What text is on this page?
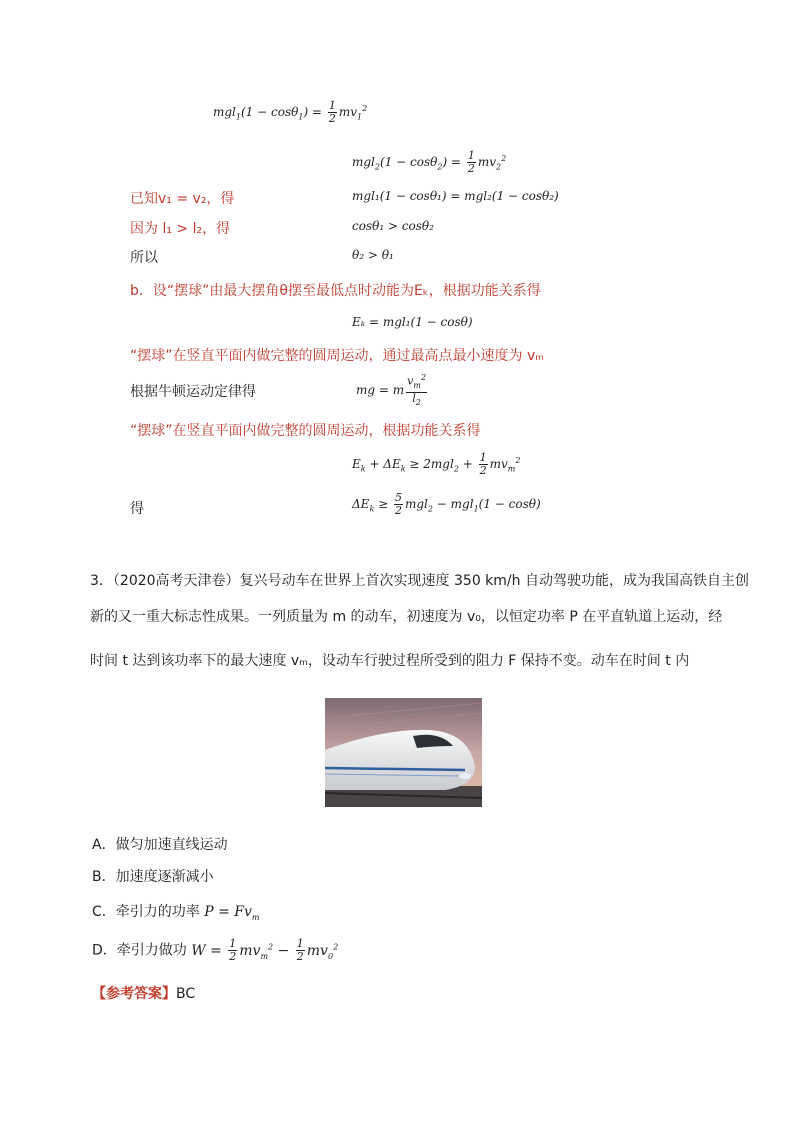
$mgl_1(1 - \cos\theta_1) = \frac{1}{2} mv_1^2$
$mgl_2(1 - \cos\theta_2) = \frac{1}{2} mv_2^2$
已知v₁ = v₂，得	mgl₁(1 − cosθ₁) = mgl₂(1 − cosθ₂)
因为 l₁ > l₂，得	cosθ₁ > cosθ₂
所以	θ₂ > θ₁
b．设“摆球”由最大摆角θ摆至最低点时动能为Eₖ，根据功能关系得
Eₖ = mgl₁(1 − cosθ)
“摆球”在竖直平面内做完整的圆周运动，通过最高点最小速度为 vₘ
根据牛顿运动定律得	mg = m $\frac{v_m^2}{l_2}$
“摆球”在竖直平面内做完整的圆周运动，根据功能关系得
$E_k + \Delta E_k \ge 2mgl_2 + \frac{1}{2} mv_m^2$
得	$\Delta E_k \ge \frac{5}{2} mgl_2 - mgl_1(1 - \cos\theta)$
3．（2020高考天津卷）复兴号动车在世界上首次实现速度 350 km/h 自动驾驶功能，成为我国高铁自主创
新的又一重大标志性成果。一列质量为 m 的动车，初速度为 v₀，以恒定功率 P 在平直轨道上运动，经
时间 t 达到该功率下的最大速度 vₘ，设动车行驶过程所受到的阻力 F 保持不变。动车在时间 t 内
A．做匀加速直线运动
B．加速度逐渐减小
C．牵引力的功率 $P = Fv_m$
D．牵引力做功 $W = \frac{1}{2} mv_m^2 - \frac{1}{2} mv_0^2$
【参考答案】BC
